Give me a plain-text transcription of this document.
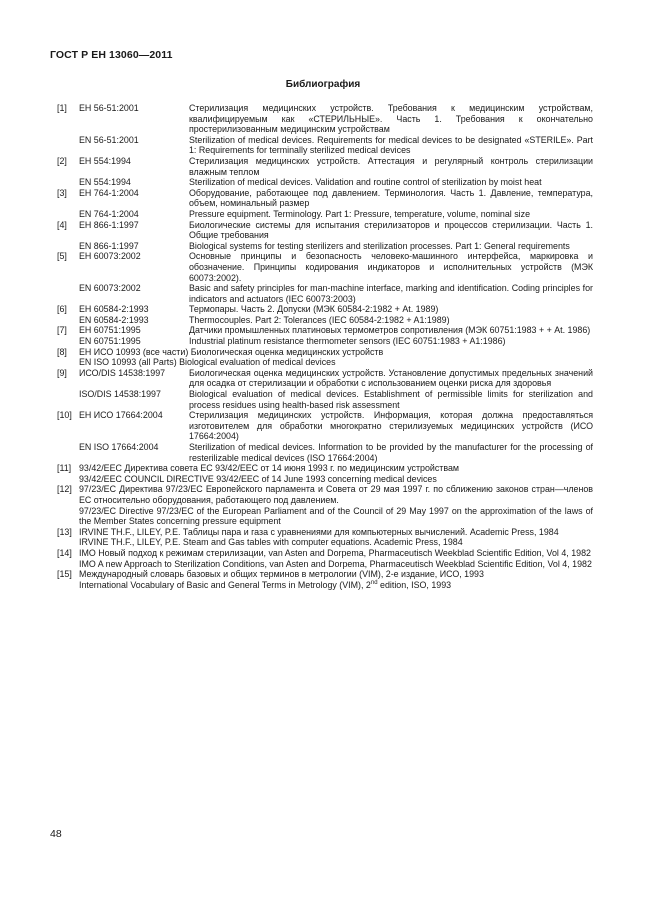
ГОСТ Р ЕН 13060—2011
Библиография
[1]	ЕН 56-51:2001	Стерилизация медицинских устройств. Требования к медицинским устройствам, квалифицируемым как «СТЕРИЛЬНЫЕ». Часть 1. Требования к окончательно простерилизованным медицинским устройствам
EN 56-51:2001	Sterilization of medical devices. Requirements for medical devices to be designated «STERILE». Part 1: Requirements for terminally sterilized medical devices
[2]	ЕН 554:1994	Стерилизация медицинских устройств. Аттестация и регулярный контроль стерилизации влажным теплом
EN 554:1994	Sterilization of medical devices. Validation and routine control of sterilization by moist heat
[3]	ЕН 764-1:2004	Оборудование, работающее под давлением. Терминология. Часть 1. Давление, температура, объем, номинальный размер
EN 764-1:2004	Pressure equipment. Terminology. Part 1: Pressure, temperature, volume, nominal size
[4]	ЕН 866-1:1997	Биологические системы для испытания стерилизаторов и процессов стерилизации. Часть 1. Общие требования
EN 866-1:1997	Biological systems for testing sterilizers and sterilization processes. Part 1: General requirements
[5]	ЕН 60073:2002	Основные принципы и безопасность человеко-машинного интерфейса, маркировка и обозначение. Принципы кодирования индикаторов и исполнительных устройств (МЭК 60073:2002).
EN 60073:2002	Basic and safety principles for man-machine interface, marking and identification. Coding principles for indicators and actuators (IEC 60073:2003)
[6]	ЕН 60584-2:1993	Термопары. Часть 2. Допуски (МЭК 60584-2:1982 + At. 1989)
EN 60584-2:1993	Thermocouples. Part 2: Tolerances (IEC 60584-2:1982 + A1:1989)
[7]	ЕН 60751:1995	Датчики промышленных платиновых термометров сопротивления (МЭК 60751:1983 + + At. 1986)
EN 60751:1995	Industrial platinum resistance thermometer sensors (IEC 60751:1983 + A1:1986)
[8]	ЕН ИСО 10993 (все части) Биологическая оценка медицинских устройств
EN ISO 10993 (all Parts) Biological evaluation of medical devices
[9]	ИСО/DIS 14538:1997	Биологическая оценка медицинских устройств. Установление допустимых предельных значений для осадка от стерилизации и обработки с использованием оценки риска для здоровья
ISO/DIS 14538:1997	Biological evaluation of medical devices. Establishment of permissible limits for sterilization and process residues using health-based risk assessment
[10] ЕН ИСО 17664:2004	Стерилизация медицинских устройств. Информация, которая должна предоставляться изготовителем для обработки многократно стерилизуемых медицинских устройств (ИСО 17664:2004)
EN ISO 17664:2004	Sterilization of medical devices. Information to be provided by the manufacturer for the processing of resterilizable medical devices (ISO 17664:2004)
[11] 93/42/ЕЕС Директива совета ЕС 93/42/ЕЕС от 14 июня 1993 г. по медицинским устройствам
93/42/ЕЕС COUNCIL DIRECTIVE 93/42/EEC of 14 June 1993 concerning medical devices
[12] 97/23/ЕС Директива 97/23/ЕС Европейского парламента и Совета от 29 мая 1997 г. по сближению законов стран—членов ЕС относительно оборудования, работающего под давлением.
97/23/ЕС Directive 97/23/EC of the European Parliament and of the Council of 29 May 1997 on the approximation of the laws of the Member States concerning pressure equipment
[13] IRVINE TH.F., LILEY, P.E. Таблицы пара и газа с уравнениями для компьютерных вычислений. Academic Press, 1984
IRVINE TH.F., LILEY, P.E. Steam and Gas tables with computer equations. Academic Press, 1984
[14] IMO Новый подход к режимам стерилизации, van Asten and Dorpema, Pharmaceutisch Weekblad Scientific Edition, Vol 4, 1982
IMO A new Approach to Sterilization Conditions, van Asten and Dorpema, Pharmaceutisch Weekblad Scientific Edition, Vol 4, 1982
[15] Международный словарь базовых и общих терминов в метрологии (VIM), 2-е издание, ИСО, 1993
International Vocabulary of Basic and General Terms in Metrology (VIM), 2nd edition, ISO, 1993
48
